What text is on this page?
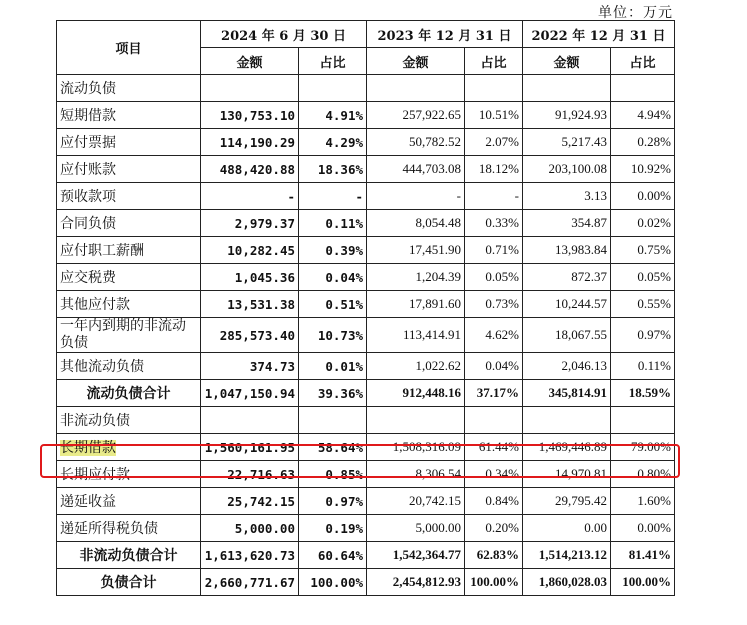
单位：万元
项目	2024 年 6 月 30 日		2023 年 12 月 31 日		2022 年 12 月 31 日	
	金额	占比	金额	占比	金额	占比
流动负债						
短期借款	130,753.10	4.91%	257,922.65	10.51%	91,924.93	4.94%
应付票据	114,190.29	4.29%	50,782.52	2.07%	5,217.43	0.28%
应付账款	488,420.88	18.36%	444,703.08	18.12%	203,100.08	10.92%
预收款项	-	-	-	-	3.13	0.00%
合同负债	2,979.37	0.11%	8,054.48	0.33%	354.87	0.02%
应付职工薪酬	10,282.45	0.39%	17,451.90	0.71%	13,983.84	0.75%
应交税费	1,045.36	0.04%	1,204.39	0.05%	872.37	0.05%
其他应付款	13,531.38	0.51%	17,891.60	0.73%	10,244.57	0.55%
一年内到期的非流动负债	285,573.40	10.73%	113,414.91	4.62%	18,067.55	0.97%
其他流动负债	374.73	0.01%	1,022.62	0.04%	2,046.13	0.11%
流动负债合计	1,047,150.94	39.36%	912,448.16	37.17%	345,814.91	18.59%
非流动负债						
长期借款	1,560,161.95	58.64%	1,508,316.09	61.44%	1,469,446.89	79.00%
长期应付款	22,716.63	0.85%	8,306.54	0.34%	14,970.81	0.80%
递延收益	25,742.15	0.97%	20,742.15	0.84%	29,795.42	1.60%
递延所得税负债	5,000.00	0.19%	5,000.00	0.20%	0.00	0.00%
非流动负债合计	1,613,620.73	60.64%	1,542,364.77	62.83%	1,514,213.12	81.41%
负债合计	2,660,771.67	100.00%	2,454,812.93	100.00%	1,860,028.03	100.00%
